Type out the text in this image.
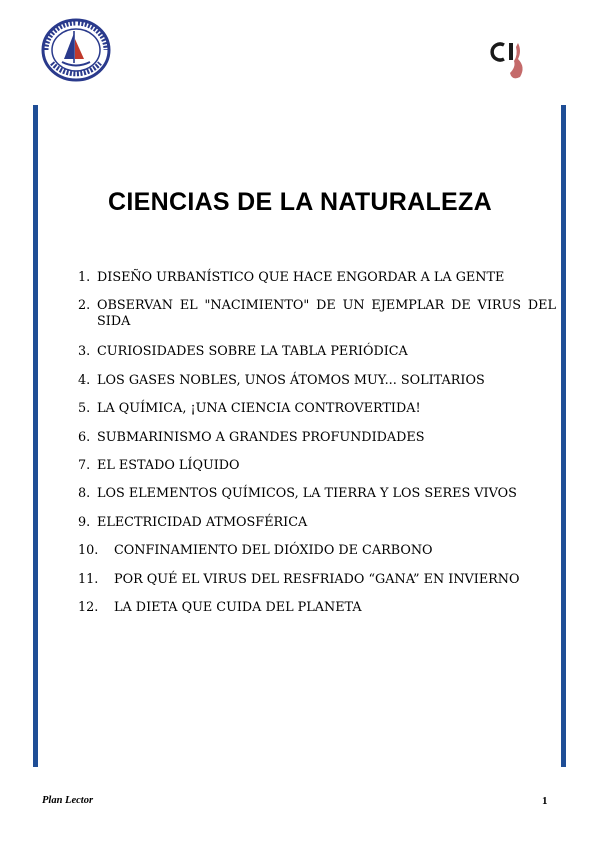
CIENCIAS DE LA NATURALEZA
1. DISEÑO URBANÍSTICO QUE HACE ENGORDAR A LA GENTE
2. OBSERVAN EL "NACIMIENTO" DE UN EJEMPLAR DE VIRUS DEL SIDA
3. CURIOSIDADES SOBRE LA TABLA PERIÓDICA
4. LOS GASES NOBLES, UNOS ÁTOMOS MUY... SOLITARIOS
5. LA QUÍMICA, ¡UNA CIENCIA CONTROVERTIDA!
6. SUBMARINISMO A GRANDES PROFUNDIDADES
7. EL ESTADO LÍQUIDO
8. LOS ELEMENTOS QUÍMICOS, LA TIERRA Y LOS SERES VIVOS
9. ELECTRICIDAD ATMOSFÉRICA
10.	CONFINAMIENTO DEL DIÓXIDO DE CARBONO
11.	POR QUÉ EL VIRUS DEL RESFRIADO “GANA” EN INVIERNO
12.	LA DIETA QUE CUIDA DEL PLANETA
Plan Lector	1
